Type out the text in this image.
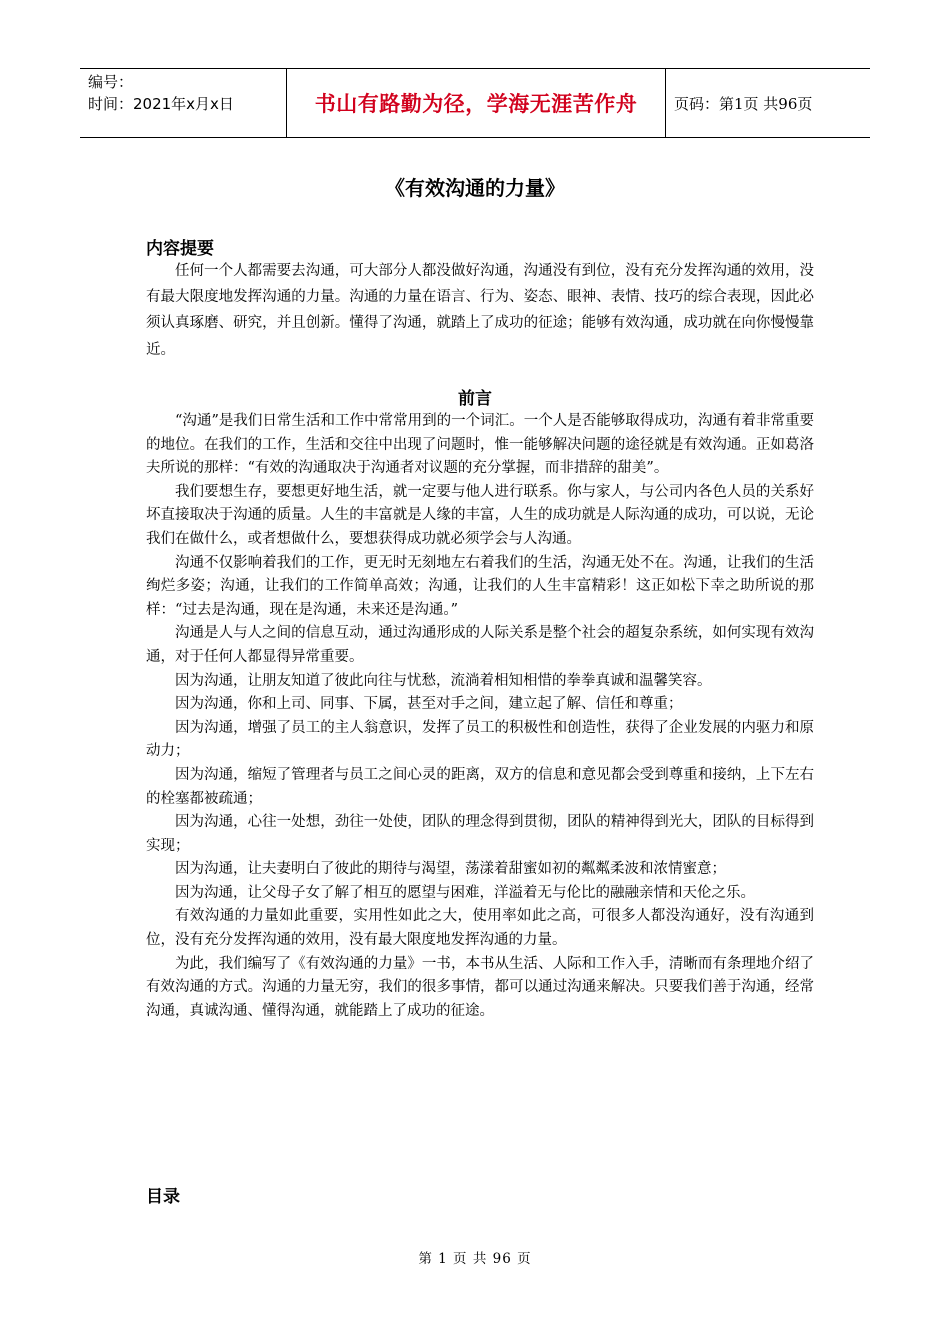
编号：
时间：2021年x月x日	书山有路勤为径，学海无涯苦作舟 页码：第1页 共96页
《有效沟通的力量》
内容提要

任何一个人都需要去沟通，可大部分人都没做好沟通，沟通没有到位，没有充分发挥沟通的效用，没有最大限度地发挥沟通的力量。沟通的力量在语言、行为、姿态、眼神、表情、技巧的综合表现，因此必须认真琢磨、研究，并且创新。懂得了沟通，就踏上了成功的征途；能够有效沟通，成功就在向你慢慢靠近。

前言

“沟通”是我们日常生活和工作中常常用到的一个词汇。一个人是否能够取得成功，沟通有着非常重要的地位。在我们的工作，生活和交往中出现了问题时，惟一能够解决问题的途径就是有效沟通。正如葛洛夫所说的那样：“有效的沟通取决于沟通者对议题的充分掌握，而非措辞的甜美”。

我们要想生存，要想更好地生活，就一定要与他人进行联系。你与家人，与公司内各色人员的关系好坏直接取决于沟通的质量。人生的丰富就是人缘的丰富，人生的成功就是人际沟通的成功，可以说，无论我们在做什么，或者想做什么，要想获得成功就必须学会与人沟通。

沟通不仅影响着我们的工作，更无时无刻地左右着我们的生活，沟通无处不在。沟通，让我们的生活绚烂多姿；沟通，让我们的工作简单高效；沟通，让我们的人生丰富精彩！这正如松下幸之助所说的那样：“过去是沟通，现在是沟通，未来还是沟通。”

沟通是人与人之间的信息互动，通过沟通形成的人际关系是整个社会的超复杂系统，如何实现有效沟通，对于任何人都显得异常重要。

因为沟通，让朋友知道了彼此向往与忧愁，流淌着相知相惜的拳拳真诚和温馨笑容。

因为沟通，你和上司、同事、下属，甚至对手之间，建立起了解、信任和尊重；

因为沟通，增强了员工的主人翁意识，发挥了员工的积极性和创造性，获得了企业发展的内驱力和原动力；

因为沟通，缩短了管理者与员工之间心灵的距离，双方的信息和意见都会受到尊重和接纳，上下左右的栓塞都被疏通；

因为沟通，心往一处想，劲往一处使，团队的理念得到贯彻，团队的精神得到光大，团队的目标得到实现；

因为沟通，让夫妻明白了彼此的期待与渴望，荡漾着甜蜜如初的粼粼柔波和浓情蜜意；

因为沟通，让父母子女了解了相互的愿望与困难，洋溢着无与伦比的融融亲情和天伦之乐。

有效沟通的力量如此重要，实用性如此之大，使用率如此之高，可很多人都没沟通好，没有沟通到位，没有充分发挥沟通的效用，没有最大限度地发挥沟通的力量。

为此，我们编写了《有效沟通的力量》一书，本书从生活、人际和工作入手，清晰而有条理地介绍了有效沟通的方式。沟通的力量无穷，我们的很多事情，都可以通过沟通来解决。只要我们善于沟通，经常沟通，真诚沟通、懂得沟通，就能踏上了成功的征途。

目录
第 1 页 共 96 页
